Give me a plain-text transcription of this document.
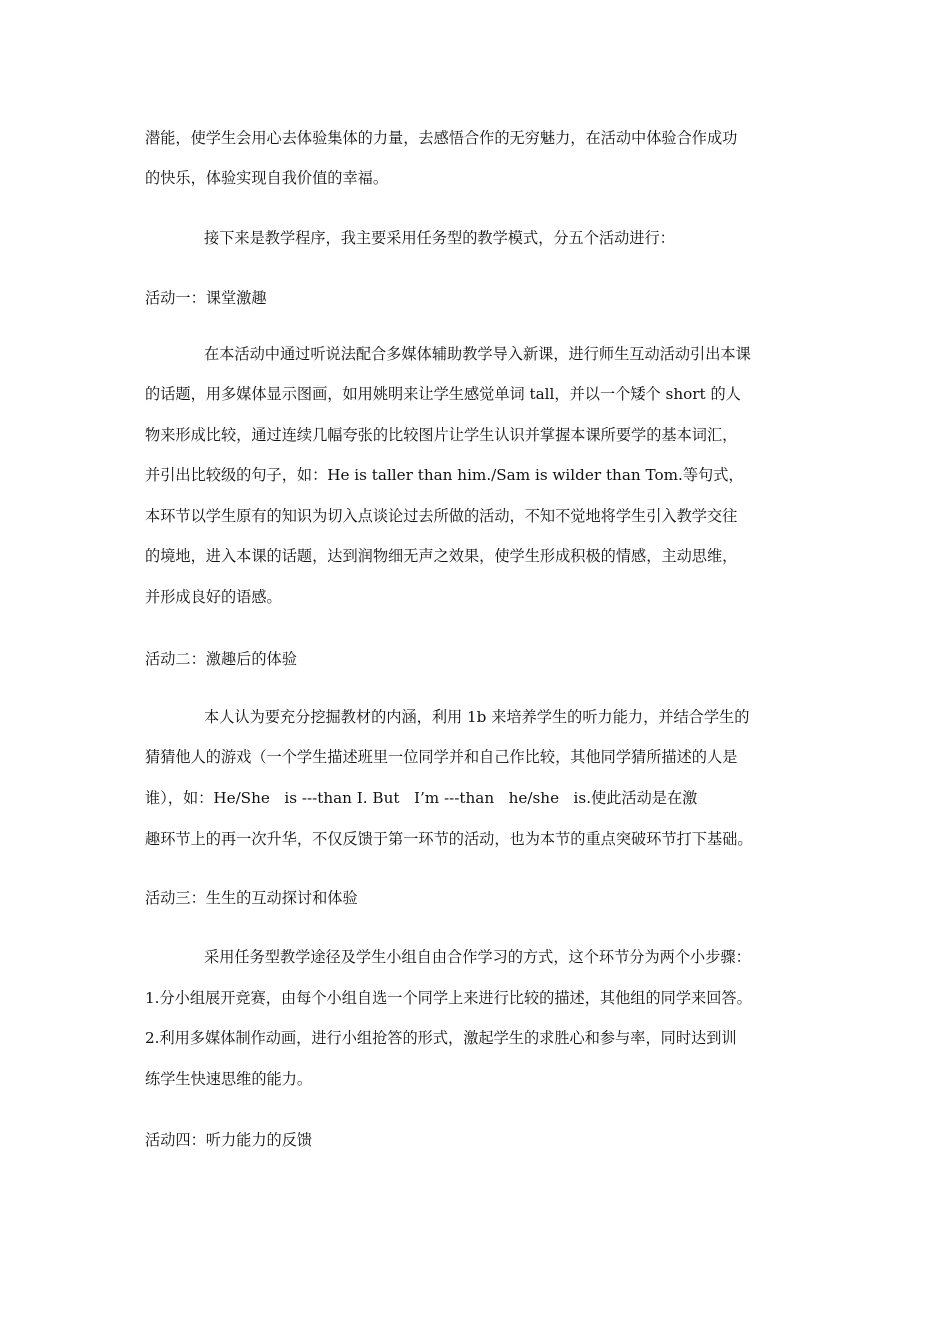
潜能，使学生会用心去体验集体的力量，去感悟合作的无穷魅力，在活动中体验合作成功

的快乐，体验实现自我价值的幸福。

接下来是教学程序，我主要采用任务型的教学模式，分五个活动进行：

活动一：课堂激趣

在本活动中通过听说法配合多媒体辅助教学导入新课，进行师生互动活动引出本课

的话题，用多媒体显示图画，如用姚明来让学生感觉单词 tall，并以一个矮个 short 的人

物来形成比较，通过连续几幅夸张的比较图片让学生认识并掌握本课所要学的基本词汇，

并引出比较级的句子，如：He is taller than him./Sam is wilder than Tom.等句式，

本环节以学生原有的知识为切入点谈论过去所做的活动，不知不觉地将学生引入教学交往

的境地，进入本课的话题，达到润物细无声之效果，使学生形成积极的情感，主动思维，

并形成良好的语感。

活动二：激趣后的体验

本人认为要充分挖掘教材的内涵，利用 1b 来培养学生的听力能力，并结合学生的

猜猜他人的游戏（一个学生描述班里一位同学并和自己作比较，其他同学猜所描述的人是

谁），如：He/She   is ---than I. But   I’m ---than   he/she   is.使此活动是在激

趣环节上的再一次升华，不仅反馈于第一环节的活动，也为本节的重点突破环节打下基础。

活动三：生生的互动探讨和体验

采用任务型教学途径及学生小组自由合作学习的方式，这个环节分为两个小步骤：

1.分小组展开竞赛，由每个小组自选一个同学上来进行比较的描述，其他组的同学来回答。

2.利用多媒体制作动画，进行小组抢答的形式，激起学生的求胜心和参与率，同时达到训

练学生快速思维的能力。

活动四：听力能力的反馈
